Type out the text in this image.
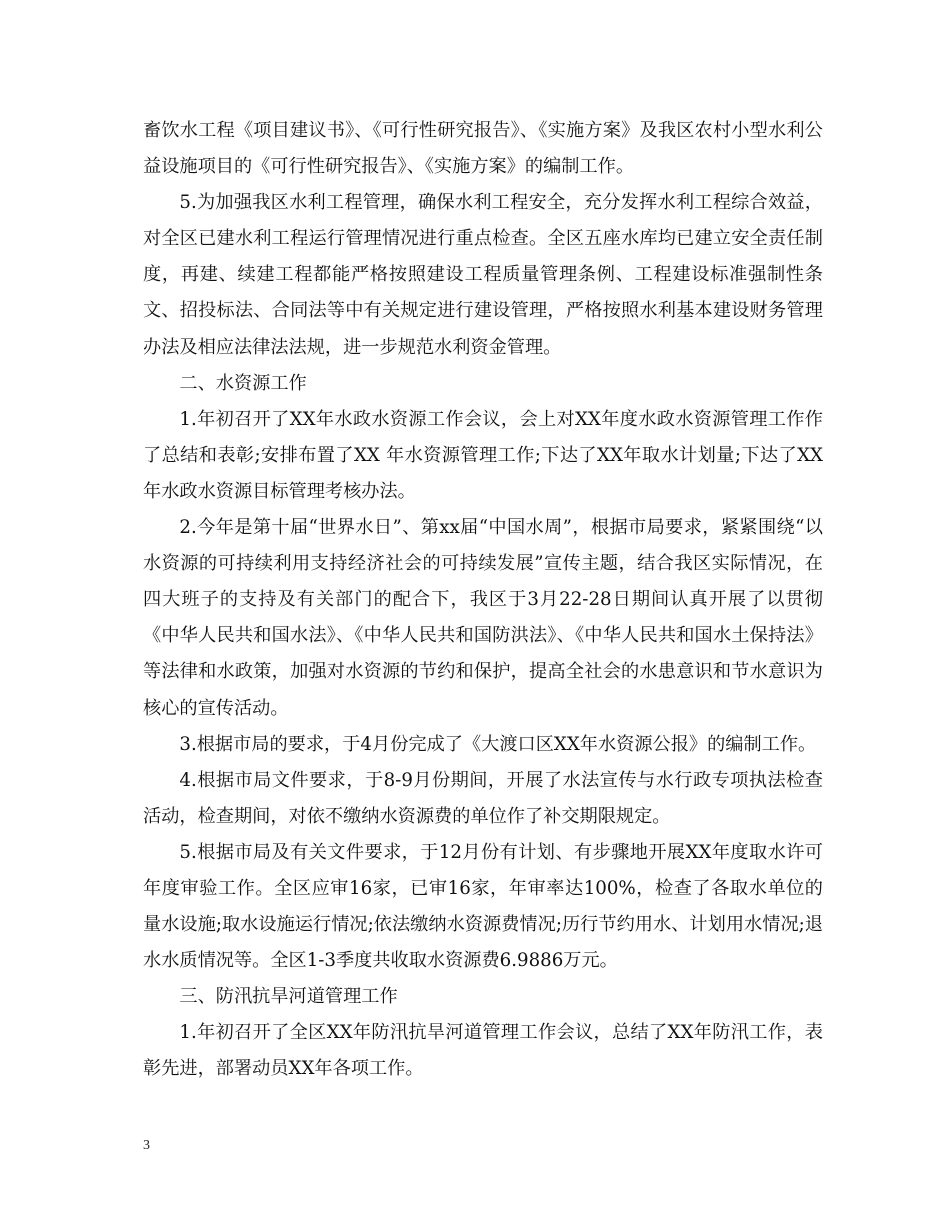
畜饮水工程《项目建议书》、《可行性研究报告》、《实施方案》及我区农村小型水利公益设施项目的《可行性研究报告》、《实施方案》的编制工作。

5.为加强我区水利工程管理，确保水利工程安全，充分发挥水利工程综合效益，对全区已建水利工程运行管理情况进行重点检查。全区五座水库均已建立安全责任制度，再建、续建工程都能严格按照建设工程质量管理条例、工程建设标准强制性条文、招投标法、合同法等中有关规定进行建设管理，严格按照水利基本建设财务管理办法及相应法律法法规，进一步规范水利资金管理。

二、水资源工作

1.年初召开了XX年水政水资源工作会议，会上对XX年度水政水资源管理工作作了总结和表彰;安排布置了XX 年水资源管理工作;下达了XX年取水计划量;下达了XX年水政水资源目标管理考核办法。

2.今年是第十届“世界水日”、第xx届“中国水周”，根据市局要求，紧紧围绕“以水资源的可持续利用支持经济社会的可持续发展”宣传主题，结合我区实际情况，在四大班子的支持及有关部门的配合下，我区于3月22-28日期间认真开展了以贯彻《中华人民共和国水法》、《中华人民共和国防洪法》、《中华人民共和国水土保持法》等法律和水政策，加强对水资源的节约和保护，提高全社会的水患意识和节水意识为核心的宣传活动。

3.根据市局的要求，于4月份完成了《大渡口区XX年水资源公报》的编制工作。

4.根据市局文件要求，于8-9月份期间，开展了水法宣传与水行政专项执法检查活动，检查期间，对依不缴纳水资源费的单位作了补交期限规定。

5.根据市局及有关文件要求，于12月份有计划、有步骤地开展XX年度取水许可年度审验工作。全区应审16家，已审16家，年审率达100%，检查了各取水单位的量水设施;取水设施运行情况;依法缴纳水资源费情况;历行节约用水、计划用水情况;退水水质情况等。全区1-3季度共收取水资源费6.9886万元。

三、防汛抗旱河道管理工作

1.年初召开了全区XX年防汛抗旱河道管理工作会议，总结了XX年防汛工作，表彰先进，部署动员XX年各项工作。

3
